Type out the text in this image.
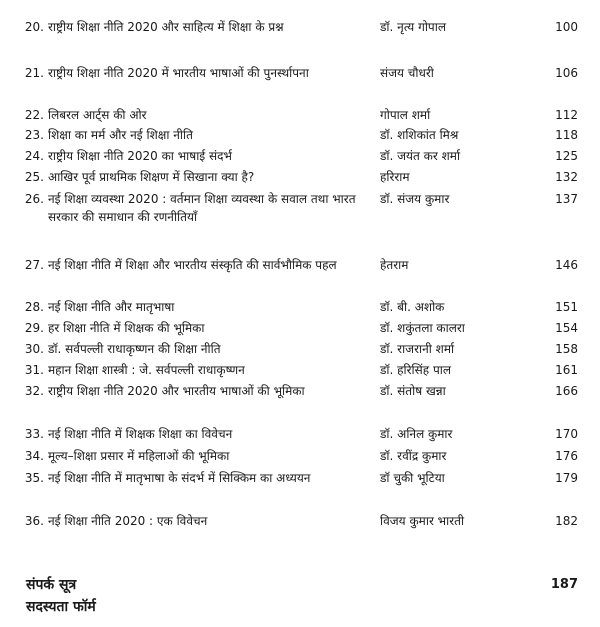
20. राष्ट्रीय शिक्षा नीति 2020 और साहित्य में शिक्षा के प्रश्न	डॉ. नृत्य गोपाल	100
21. राष्ट्रीय शिक्षा नीति 2020 में भारतीय भाषाओं की पुनर्स्थापना	संजय चौधरी	106
22. लिबरल आर्ट्स की ओर	गोपाल शर्मा	112
23. शिक्षा का मर्म और नई शिक्षा नीति	डॉ. शशिकांत मिश्र	118
24. राष्ट्रीय शिक्षा नीति 2020 का भाषाई संदर्भ	डॉ. जयंत कर शर्मा	125
25. आखिर पूर्व प्राथमिक शिक्षण में सिखाना क्या है?	हरिराम	132
26. नई शिक्षा व्यवस्था 2020 : वर्तमान शिक्षा व्यवस्था के सवाल तथा भारत सरकार की समाधान की रणनीतियाँ
डॉ. संजय कुमार	137
27. नई शिक्षा नीति में शिक्षा और भारतीय संस्कृति की सार्वभौमिक पहल	हेतराम	146
28. नई शिक्षा नीति और मातृभाषा	डॉ. बी. अशोक	151
29. हर शिक्षा नीति में शिक्षक की भूमिका	डॉ. शकुंतला कालरा	154
30. डॉ. सर्वपल्ली राधाकृष्णन की शिक्षा नीति	डॉ. राजरानी शर्मा	158
31. महान शिक्षा शास्त्री : जे. सर्वपल्ली राधाकृष्णन	डॉ. हरिसिंह पाल	161
32. राष्ट्रीय शिक्षा नीति 2020 और भारतीय भाषाओं की भूमिका	डॉ. संतोष खन्ना	166
33. नई शिक्षा नीति में शिक्षक शिक्षा का विवेचन	डॉ. अनिल कुमार	170
34. मूल्य–शिक्षा प्रसार में महिलाओं की भूमिका	डॉ. रवींद्र कुमार	176
35. नई शिक्षा नीति में मातृभाषा के संदर्भ में सिक्किम का अध्ययन	डॉ चुकी भूटिया	179
36. नई शिक्षा नीति 2020 : एक विवेचन	विजय कुमार भारती	182
संपर्क सूत्र	187
सदस्यता फॉर्म
